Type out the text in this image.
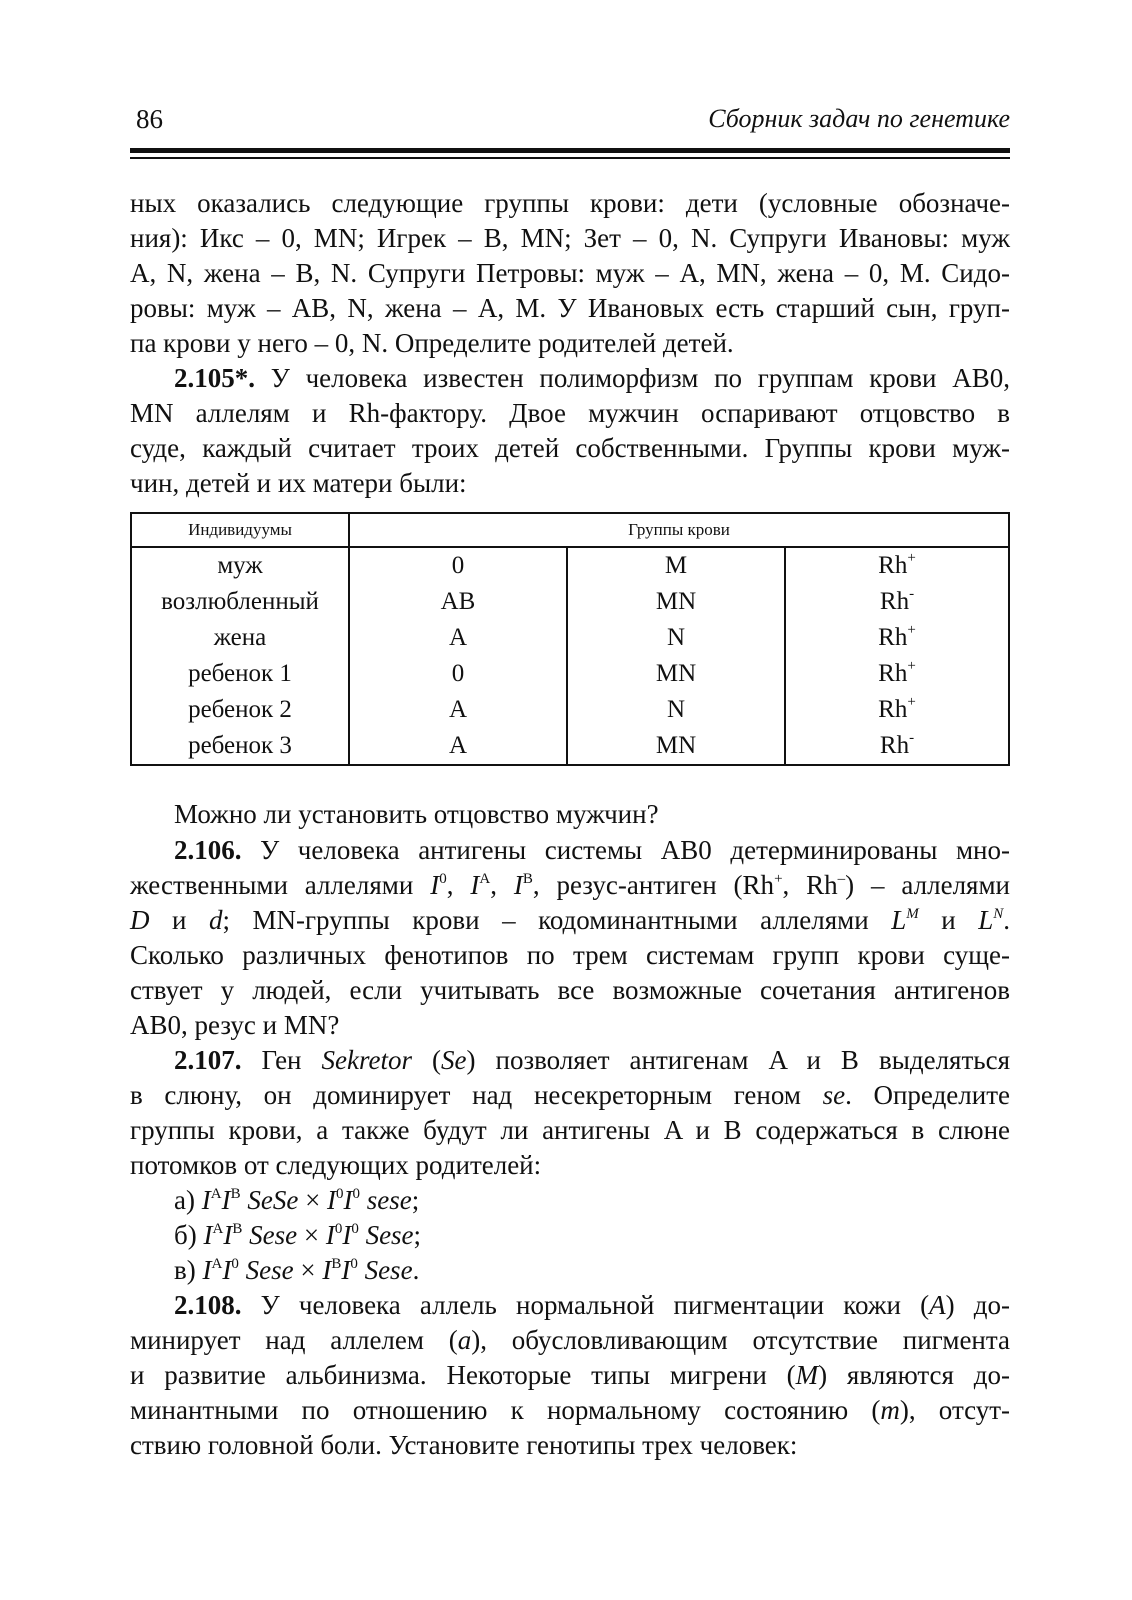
86	Сборник задач по генетике
ных оказались следующие группы крови: дети (условные обозначе-
ния): Икс – 0, MN; Игрек – B, MN; Зет – 0, N. Супруги Ивановы: муж
A, N, жена – B, N. Супруги Петровы: муж – A, MN, жена – 0, M. Сидо-
ровы: муж – AB, N, жена – A, M. У Ивановых есть старший сын, груп-
па крови у него – 0, N. Определите родителей детей.
2.105*. У человека известен полиморфизм по группам крови AB0,
MN аллелям и Rh-фактору. Двое мужчин оспаривают отцовство в
суде, каждый считает троих детей собственными. Группы крови муж-
чин, детей и их матери были:
Индивидуумы	Группы крови		
муж	0	M	Rh+
возлюбленный	AB	MN	Rh-
жена	A	N	Rh+
ребенок 1	0	MN	Rh+
ребенок 2	A	N	Rh+
ребенок 3	A	MN	Rh-
Можно ли установить отцовство мужчин?
2.106. У человека антигены системы AB0 детерминированы мно-
жественными аллелями $I^0$, $I^A$, $I^B$, резус-антиген (Rh+, Rh–) – аллелями
D и d; MN-группы крови – кодоминантными аллелями $L^M$ и $L^N$.
Сколько различных фенотипов по трем системам групп крови суще-
ствует у людей, если учитывать все возможные сочетания антигенов
AB0, резус и MN?
2.107. Ген Sekretor (Se) позволяет антигенам A и B выделяться
в слюну, он доминирует над несекреторным геном se. Определите
группы крови, а также будут ли антигены A и B содержаться в слюне
потомков от следующих родителей:
а) $I^AI^B$ SeSe × $I^0I^0$ sese;
б) $I^AI^B$ Sese × $I^0I^0$ Sese;
в) $I^AI^0$ Sese × $I^BI^0$ Sese.
2.108. У человека аллель нормальной пигментации кожи (A) до-
минирует над аллелем (a), обусловливающим отсутствие пигмента
и развитие альбинизма. Некоторые типы мигрени (M) являются до-
минантными по отношению к нормальному состоянию (m), отсут-
ствию головной боли. Установите генотипы трех человек:
